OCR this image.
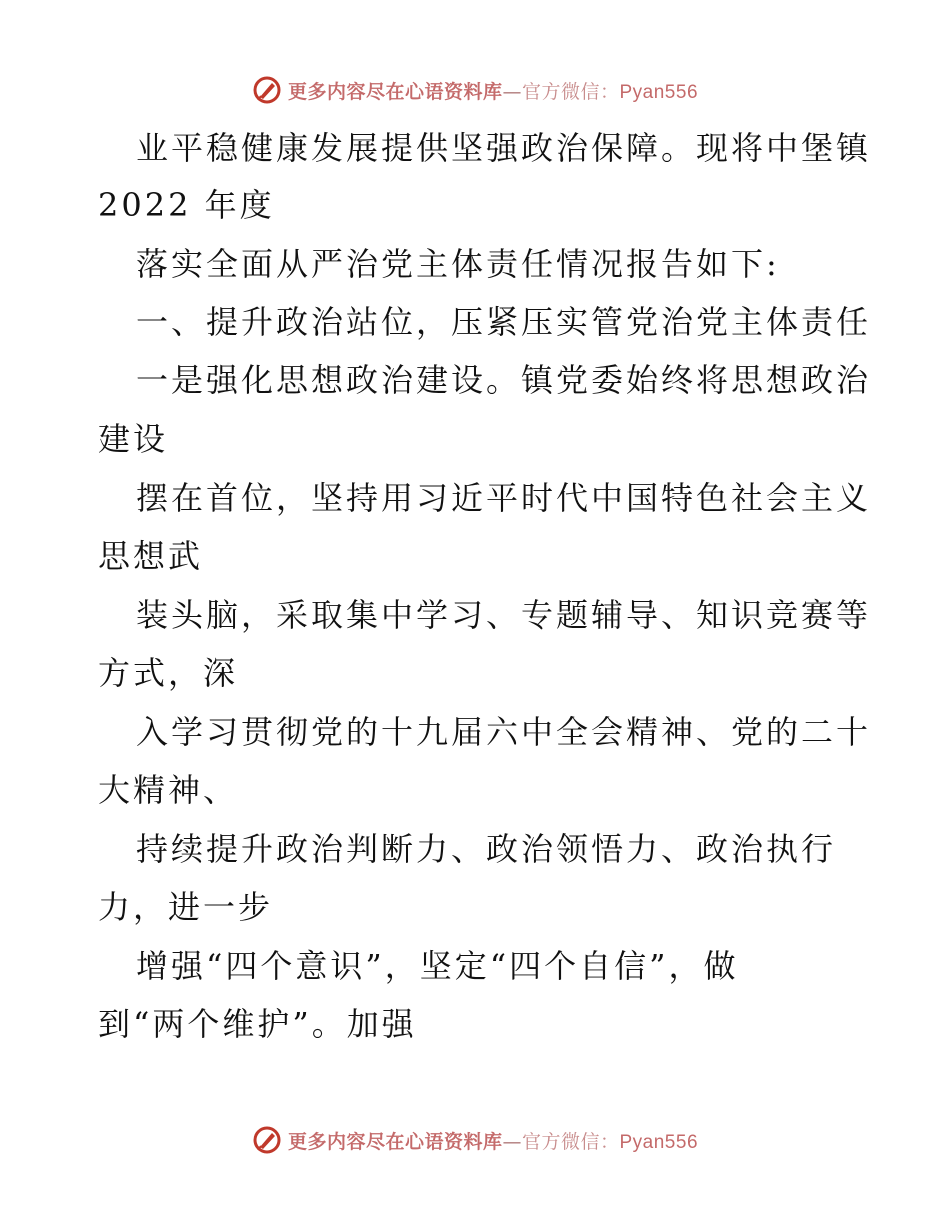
更多内容尽在心语资料库—官方微信：Pyan556
业平稳健康发展提供坚强政治保障。现将中堡镇
2022 年度
落实全面从严治党主体责任情况报告如下:
一、提升政治站位，压紧压实管党治党主体责任
一是强化思想政治建设。镇党委始终将思想政治
建设
摆在首位，坚持用习近平时代中国特色社会主义
思想武
装头脑，采取集中学习、专题辅导、知识竞赛等
方式，深
入学习贯彻党的十九届六中全会精神、党的二十
大精神、
持续提升政治判断力、政治领悟力、政治执行
力，进一步
增强“四个意识”，坚定“四个自信”，做
到“两个维护”。加强
更多内容尽在心语资料库—官方微信：Pyan556
